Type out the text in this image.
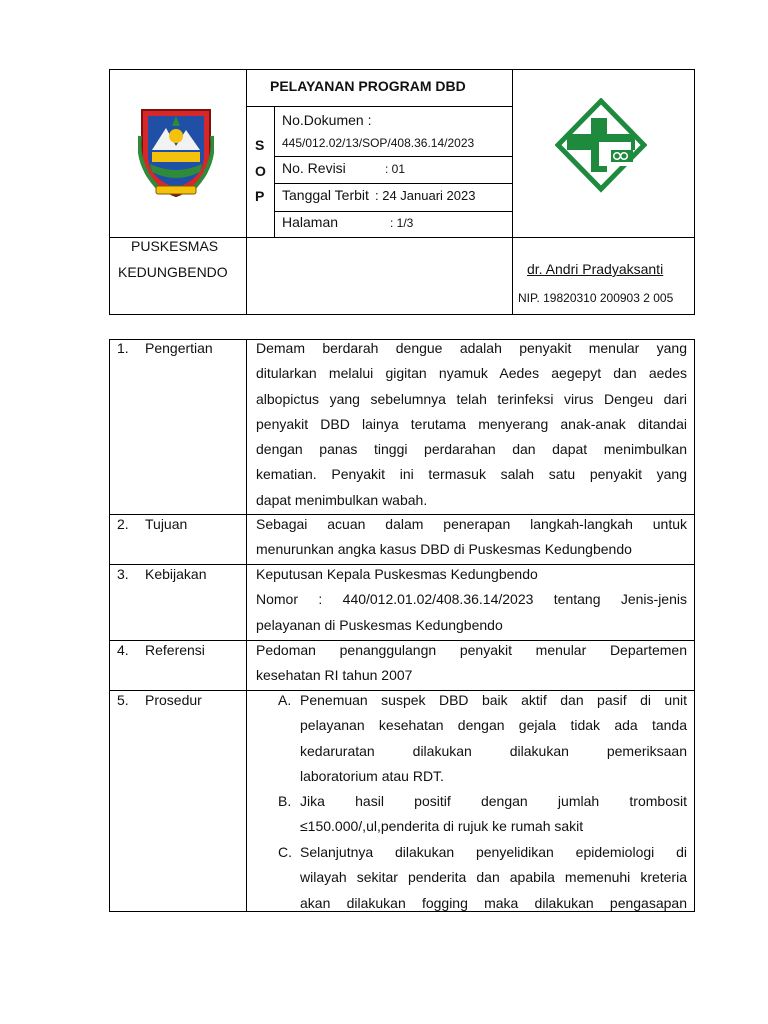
PELAYANAN PROGRAM DBD
S
O
P
No.Dokumen :
445/012.02/13/SOP/408.36.14/2023
No. Revisi	: 01
Tanggal Terbit : 24 Januari 2023
Halaman	: 1/3
PUSKESMAS
KEDUNGBENDO	dr. Andri Pradyaksanti
NIP. 19820310 200903 2 005
1. Pengertian	Demam berdarah dengue adalah penyakit menular yang

ditularkan melalui gigitan nyamuk Aedes aegepyt dan aedes

albopictus yang sebelumnya telah terinfeksi virus Dengeu dari

penyakit DBD lainya terutama menyerang anak-anak ditandai

dengan panas tinggi perdarahan dan dapat menimbulkan

kematian. Penyakit ini termasuk salah satu penyakit yang

dapat menimbulkan wabah.

2. Tujuan	Sebagai acuan dalam penerapan langkah-langkah untuk

menurunkan angka kasus DBD di Puskesmas Kedungbendo

3. Kebijakan	Keputusan Kepala Puskesmas Kedungbendo

Nomor : 440/012.01.02/408.36.14/2023 tentang Jenis-jenis

pelayanan di Puskesmas Kedungbendo

4. Referensi	Pedoman penanggulangn penyakit menular Departemen

kesehatan RI tahun 2007

5. Prosedur	A. Penemuan suspek DBD baik aktif dan pasif di unit

pelayanan kesehatan dengan gejala tidak ada tanda

kedaruratan dilakukan dilakukan pemeriksaan

laboratorium atau RDT.

B. Jika hasil positif dengan jumlah trombosit

≤150.000/,ul,penderita di rujuk ke rumah sakit

C. Selanjutnya dilakukan penyelidikan epidemiologi di

wilayah sekitar penderita dan apabila memenuhi kreteria

akan dilakukan fogging maka dilakukan pengasapan
